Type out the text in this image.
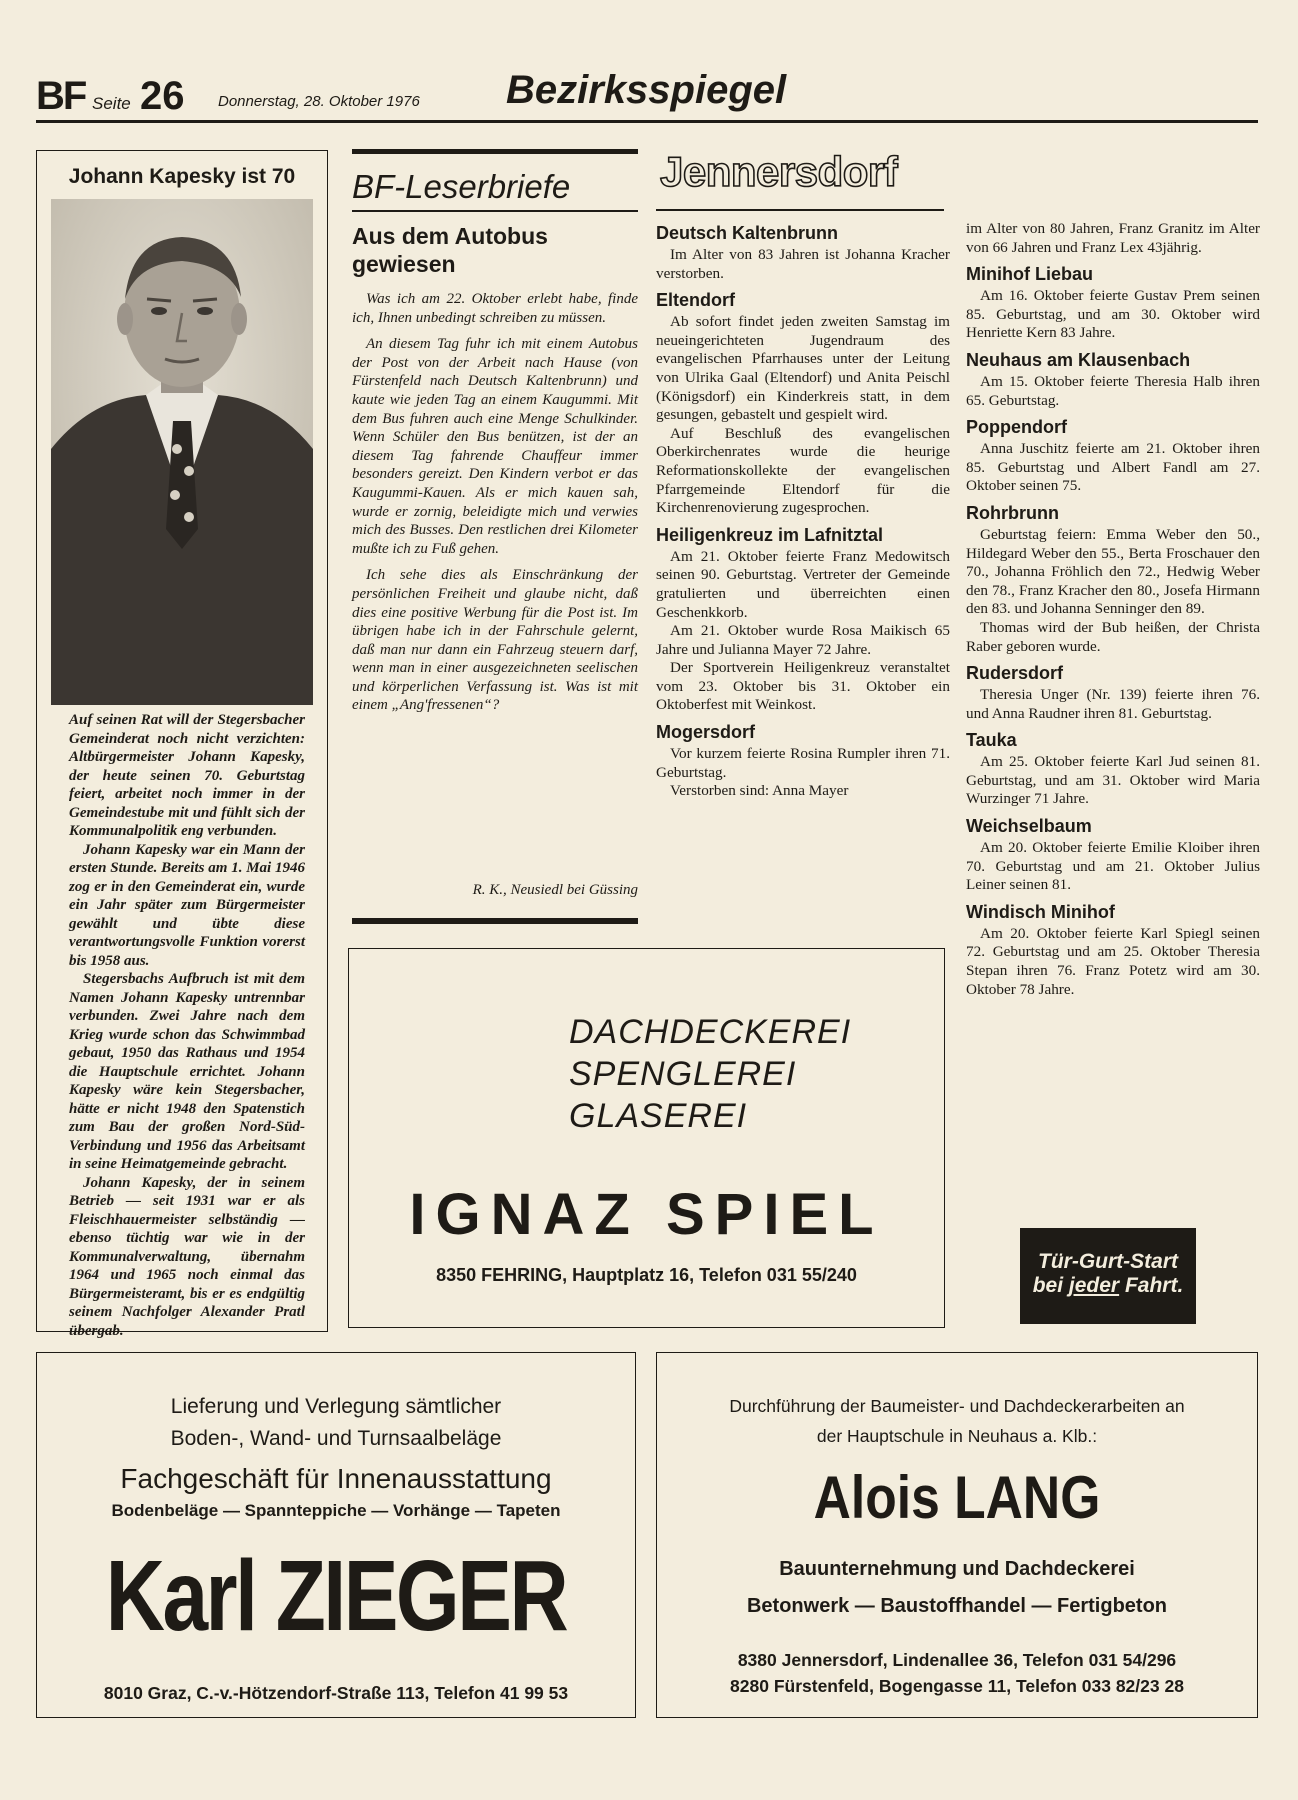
BF Seite 26 Donnerstag, 28. Oktober 1976 Bezirksspiegel
Johann Kapesky ist 70

Auf seinen Rat will der Stegersbacher Gemeinderat noch nicht verzichten: Altbürgermeister Johann Kapesky, der heute seinen 70. Geburtstag feiert, arbeitet noch immer in der Gemeindestube mit und fühlt sich der Kommunalpolitik eng verbunden.

Johann Kapesky war ein Mann der ersten Stunde. Bereits am 1. Mai 1946 zog er in den Gemeinderat ein, wurde ein Jahr später zum Bürgermeister gewählt und übte diese verantwortungsvolle Funktion vorerst bis 1958 aus.

Stegersbachs Aufbruch ist mit dem Namen Johann Kapesky untrennbar verbunden. Zwei Jahre nach dem Krieg wurde schon das Schwimmbad gebaut, 1950 das Rathaus und 1954 die Hauptschule errichtet. Johann Kapesky wäre kein Stegersbacher, hätte er nicht 1948 den Spatenstich zum Bau der großen Nord-Süd-Verbindung und 1956 das Arbeitsamt in seine Heimatgemeinde gebracht.

Johann Kapesky, der in seinem Betrieb — seit 1931 war er als Fleischhauermeister selbständig — ebenso tüchtig war wie in der Kommunalverwaltung, übernahm 1964 und 1965 noch einmal das Bürgermeisteramt, bis er es endgültig seinem Nachfolger Alexander Pratl übergab.

BF-Leserbriefe
Aus dem Autobus gewiesen

Was ich am 22. Oktober erlebt habe, finde ich, Ihnen unbedingt schreiben zu müssen.

An diesem Tag fuhr ich mit einem Autobus der Post von der Arbeit nach Hause (von Fürstenfeld nach Deutsch Kaltenbrunn) und kaute wie jeden Tag an einem Kaugummi. Mit dem Bus fuhren auch eine Menge Schulkinder. Wenn Schüler den Bus benützen, ist der an diesem Tag fahrende Chauffeur immer besonders gereizt. Den Kindern verbot er das Kaugummi-Kauen. Als er mich kauen sah, wurde er zornig, beleidigte mich und verwies mich des Busses. Den restlichen drei Kilometer mußte ich zu Fuß gehen.

Ich sehe dies als Einschränkung der persönlichen Freiheit und glaube nicht, daß dies eine positive Werbung für die Post ist. Im übrigen habe ich in der Fahrschule gelernt, daß man nur dann ein Fahrzeug steuern darf, wenn man in einer ausgezeichneten seelischen und körperlichen Verfassung ist. Was ist mit einem „Ang'fressenen“?

R. K., Neusiedl bei Güssing
Jennersdorf
Deutsch Kaltenbrunn

Im Alter von 83 Jahren ist Johanna Kracher verstorben.

Eltendorf

Ab sofort findet jeden zweiten Samstag im neueingerichteten Jugendraum des evangelischen Pfarrhauses unter der Leitung von Ulrika Gaal (Eltendorf) und Anita Peischl (Königsdorf) ein Kinderkreis statt, in dem gesungen, gebastelt und gespielt wird.

Auf Beschluß des evangelischen Oberkirchenrates wurde die heurige Reformationskollekte der evangelischen Pfarrgemeinde Eltendorf für die Kirchenrenovierung zugesprochen.

Heiligenkreuz im Lafnitztal

Am 21. Oktober feierte Franz Medowitsch seinen 90. Geburtstag. Vertreter der Gemeinde gratulierten und überreichten einen Geschenkkorb.

Am 21. Oktober wurde Rosa Maikisch 65 Jahre und Julianna Mayer 72 Jahre.

Der Sportverein Heiligenkreuz veranstaltet vom 23. Oktober bis 31. Oktober ein Oktoberfest mit Weinkost.

Mogersdorf

Vor kurzem feierte Rosina Rumpler ihren 71. Geburtstag.

Verstorben sind: Anna Mayer

im Alter von 80 Jahren, Franz Granitz im Alter von 66 Jahren und Franz Lex 43jährig.

Minihof Liebau

Am 16. Oktober feierte Gustav Prem seinen 85. Geburtstag, und am 30. Oktober wird Henriette Kern 83 Jahre.

Neuhaus am Klausenbach

Am 15. Oktober feierte Theresia Halb ihren 65. Geburtstag.

Poppendorf

Anna Juschitz feierte am 21. Oktober ihren 85. Geburtstag und Albert Fandl am 27. Oktober seinen 75.

Rohrbrunn

Geburtstag feiern: Emma Weber den 50., Hildegard Weber den 55., Berta Froschauer den 70., Johanna Fröhlich den 72., Hedwig Weber den 78., Franz Kracher den 80., Josefa Hirmann den 83. und Johanna Senninger den 89.

Thomas wird der Bub heißen, der Christa Raber geboren wurde.

Rudersdorf

Theresia Unger (Nr. 139) feierte ihren 76. und Anna Raudner ihren 81. Geburtstag.

Tauka

Am 25. Oktober feierte Karl Jud seinen 81. Geburtstag, und am 31. Oktober wird Maria Wurzinger 71 Jahre.

Weichselbaum

Am 20. Oktober feierte Emilie Kloiber ihren 70. Geburtstag und am 21. Oktober Julius Leiner seinen 81.

Windisch Minihof

Am 20. Oktober feierte Karl Spiegl seinen 72. Geburtstag und am 25. Oktober Theresia Stepan ihren 76. Franz Potetz wird am 30. Oktober 78 Jahre.

DACHDECKEREI
SPENGLEREI
GLASEREI
IGNAZ SPIEL
8350 FEHRING, Hauptplatz 16, Telefon 031 55/240
Tür-Gurt-Start
bei jeder Fahrt.
Lieferung und Verlegung sämtlicher
Boden-, Wand- und Turnsaalbeläge
Fachgeschäft für Innenausstattung
Bodenbeläge — Spannteppiche — Vorhänge — Tapeten
Karl ZIEGER
8010 Graz, C.-v.-Hötzendorf-Straße 113, Telefon 41 99 53
Durchführung der Baumeister- und Dachdeckerarbeiten an
der Hauptschule in Neuhaus a. Klb.:
Alois LANG
Bauunternehmung und Dachdeckerei
Betonwerk — Baustoffhandel — Fertigbeton
8380 Jennersdorf, Lindenallee 36, Telefon 031 54/296
8280 Fürstenfeld, Bogengasse 11, Telefon 033 82/23 28
